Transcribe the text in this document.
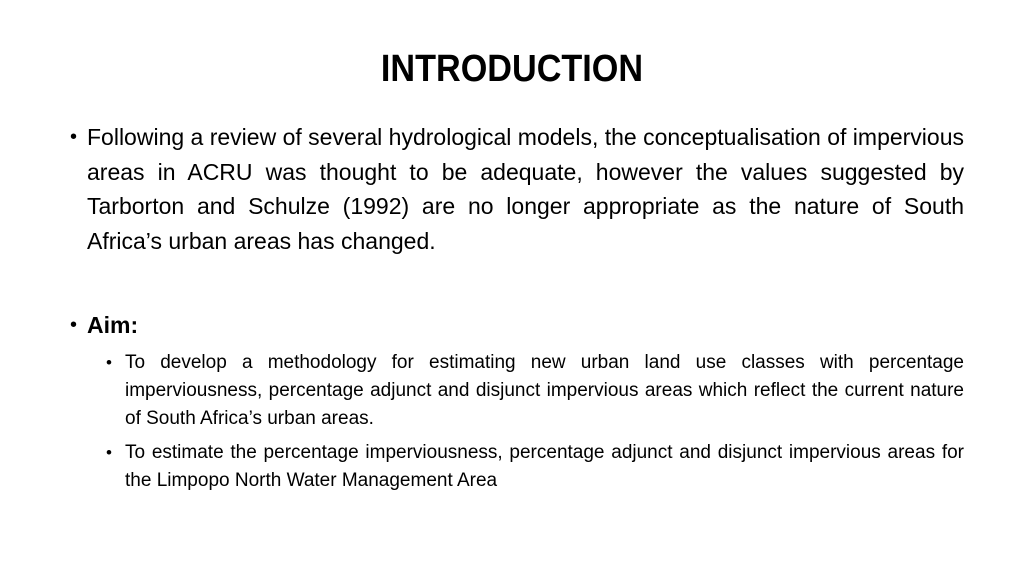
INTRODUCTION
• Following a review of several hydrological models, the conceptualisation of impervious areas in ACRU was thought to be adequate, however the values suggested by Tarborton and Schulze (1992) are no longer appropriate as the nature of South Africa’s urban areas has changed.
• Aim:
• To develop a methodology for estimating new urban land use classes with percentage imperviousness, percentage adjunct and disjunct impervious areas which reflect the current nature of South Africa’s urban areas.
• To estimate the percentage imperviousness, percentage adjunct and disjunct impervious areas for the Limpopo North Water Management Area
